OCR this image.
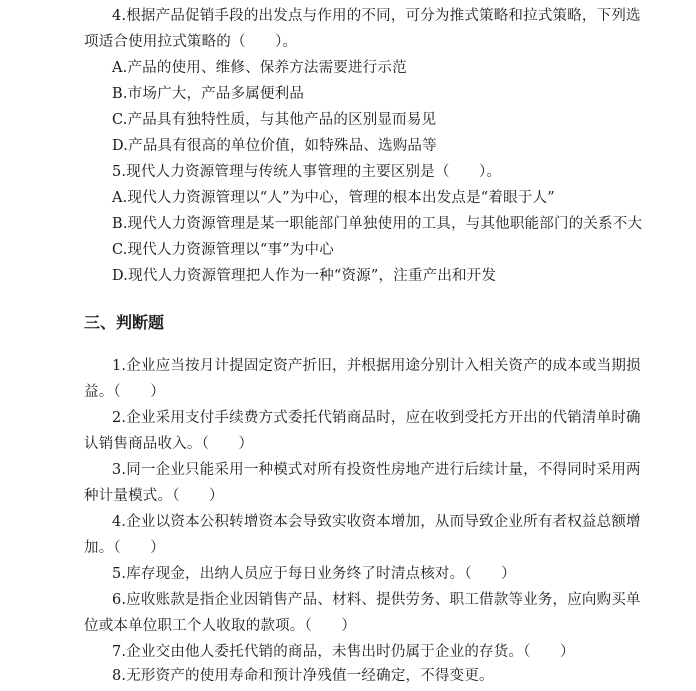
4.根据产品促销手段的出发点与作用的不同，可分为推式策略和拉式策略，下列选
项适合使用拉式策略的（　　）。
A.产品的使用、维修、保养方法需要进行示范
B.市场广大，产品多属便利品
C.产品具有独特性质，与其他产品的区别显而易见
D.产品具有很高的单位价值，如特殊品、选购品等
5.现代人力资源管理与传统人事管理的主要区别是（　　）。
A.现代人力资源管理以“人”为中心，管理的根本出发点是“着眼于人”
B.现代人力资源管理是某一职能部门单独使用的工具，与其他职能部门的关系不大
C.现代人力资源管理以“事”为中心
D.现代人力资源管理把人作为一种“资源”，注重产出和开发
三、判断题
1.企业应当按月计提固定资产折旧，并根据用途分别计入相关资产的成本或当期损
益。（　　）
2.企业采用支付手续费方式委托代销商品时，应在收到受托方开出的代销清单时确
认销售商品收入。（　　）
3.同一企业只能采用一种模式对所有投资性房地产进行后续计量，不得同时采用两
种计量模式。（　　）
4.企业以资本公积转增资本会导致实收资本增加，从而导致企业所有者权益总额增
加。（　　）
5.库存现金，出纳人员应于每日业务终了时清点核对。（　　）
6.应收账款是指企业因销售产品、材料、提供劳务、职工借款等业务，应向购买单
位或本单位职工个人收取的款项。（　　）
7.企业交由他人委托代销的商品，未售出时仍属于企业的存货。（　　）
8.无形资产的使用寿命和预计净残值一经确定，不得变更。
